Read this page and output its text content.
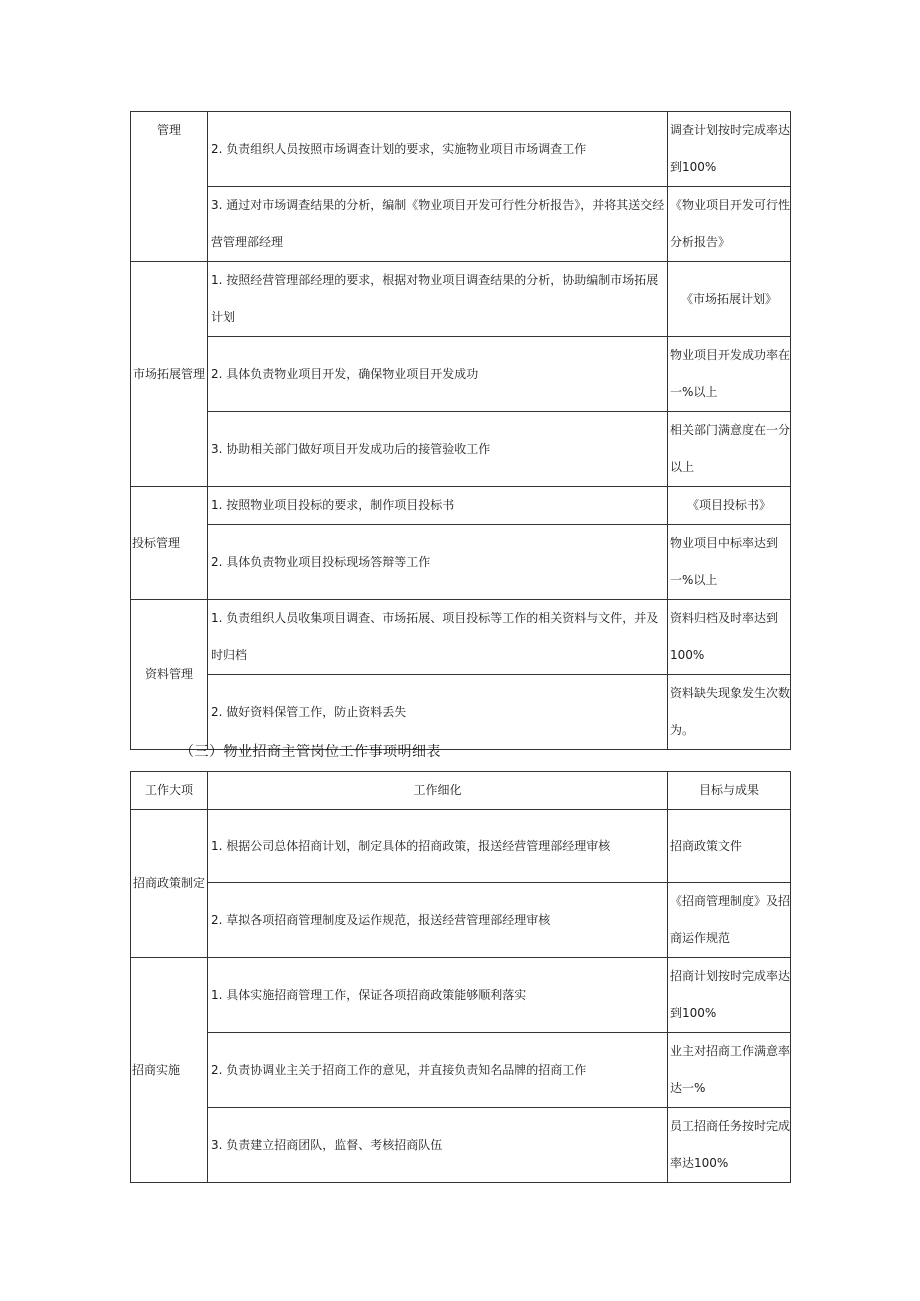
管理	2. 负责组织人员按照市场调查计划的要求，实施物业项目市场调查工作	调查计划按时完成率达到100%
	3. 通过对市场调查结果的分析，编制《物业项目开发可行性分析报告》，并将其送交经营管理部经理	《物业项目开发可行性分析报告》
市场拓展管理	1. 按照经营管理部经理的要求，根据对物业项目调查结果的分析，协助编制市场拓展计划	《市场拓展计划》
	2. 具体负责物业项目开发，确保物业项目开发成功	物业项目开发成功率在一%以上
	3. 协助相关部门做好项目开发成功后的接管验收工作	相关部门满意度在一分以上
投标管理	1. 按照物业项目投标的要求，制作项目投标书	《项目投标书》
	2. 具体负责物业项目投标现场答辩等工作	物业项目中标率达到一%以上
资料管理	1. 负责组织人员收集项目调查、市场拓展、项目投标等工作的相关资料与文件，并及时归档	资料归档及时率达到100%
	2. 做好资料保管工作，防止资料丢失	资料缺失现象发生次数为。
（三）物业招商主管岗位工作事项明细表
工作大项	工作细化	目标与成果
招商政策制定	1. 根据公司总体招商计划，制定具体的招商政策，报送经营管理部经理审核	招商政策文件
	2. 草拟各项招商管理制度及运作规范，报送经营管理部经理审核	《招商管理制度》及招商运作规范
招商实施	1. 具体实施招商管理工作，保证各项招商政策能够顺利落实	招商计划按时完成率达到100%
	2. 负责协调业主关于招商工作的意见，并直接负责知名品牌的招商工作	业主对招商工作满意率达一%
	3. 负责建立招商团队，监督、考核招商队伍	员工招商任务按时完成率达100%
